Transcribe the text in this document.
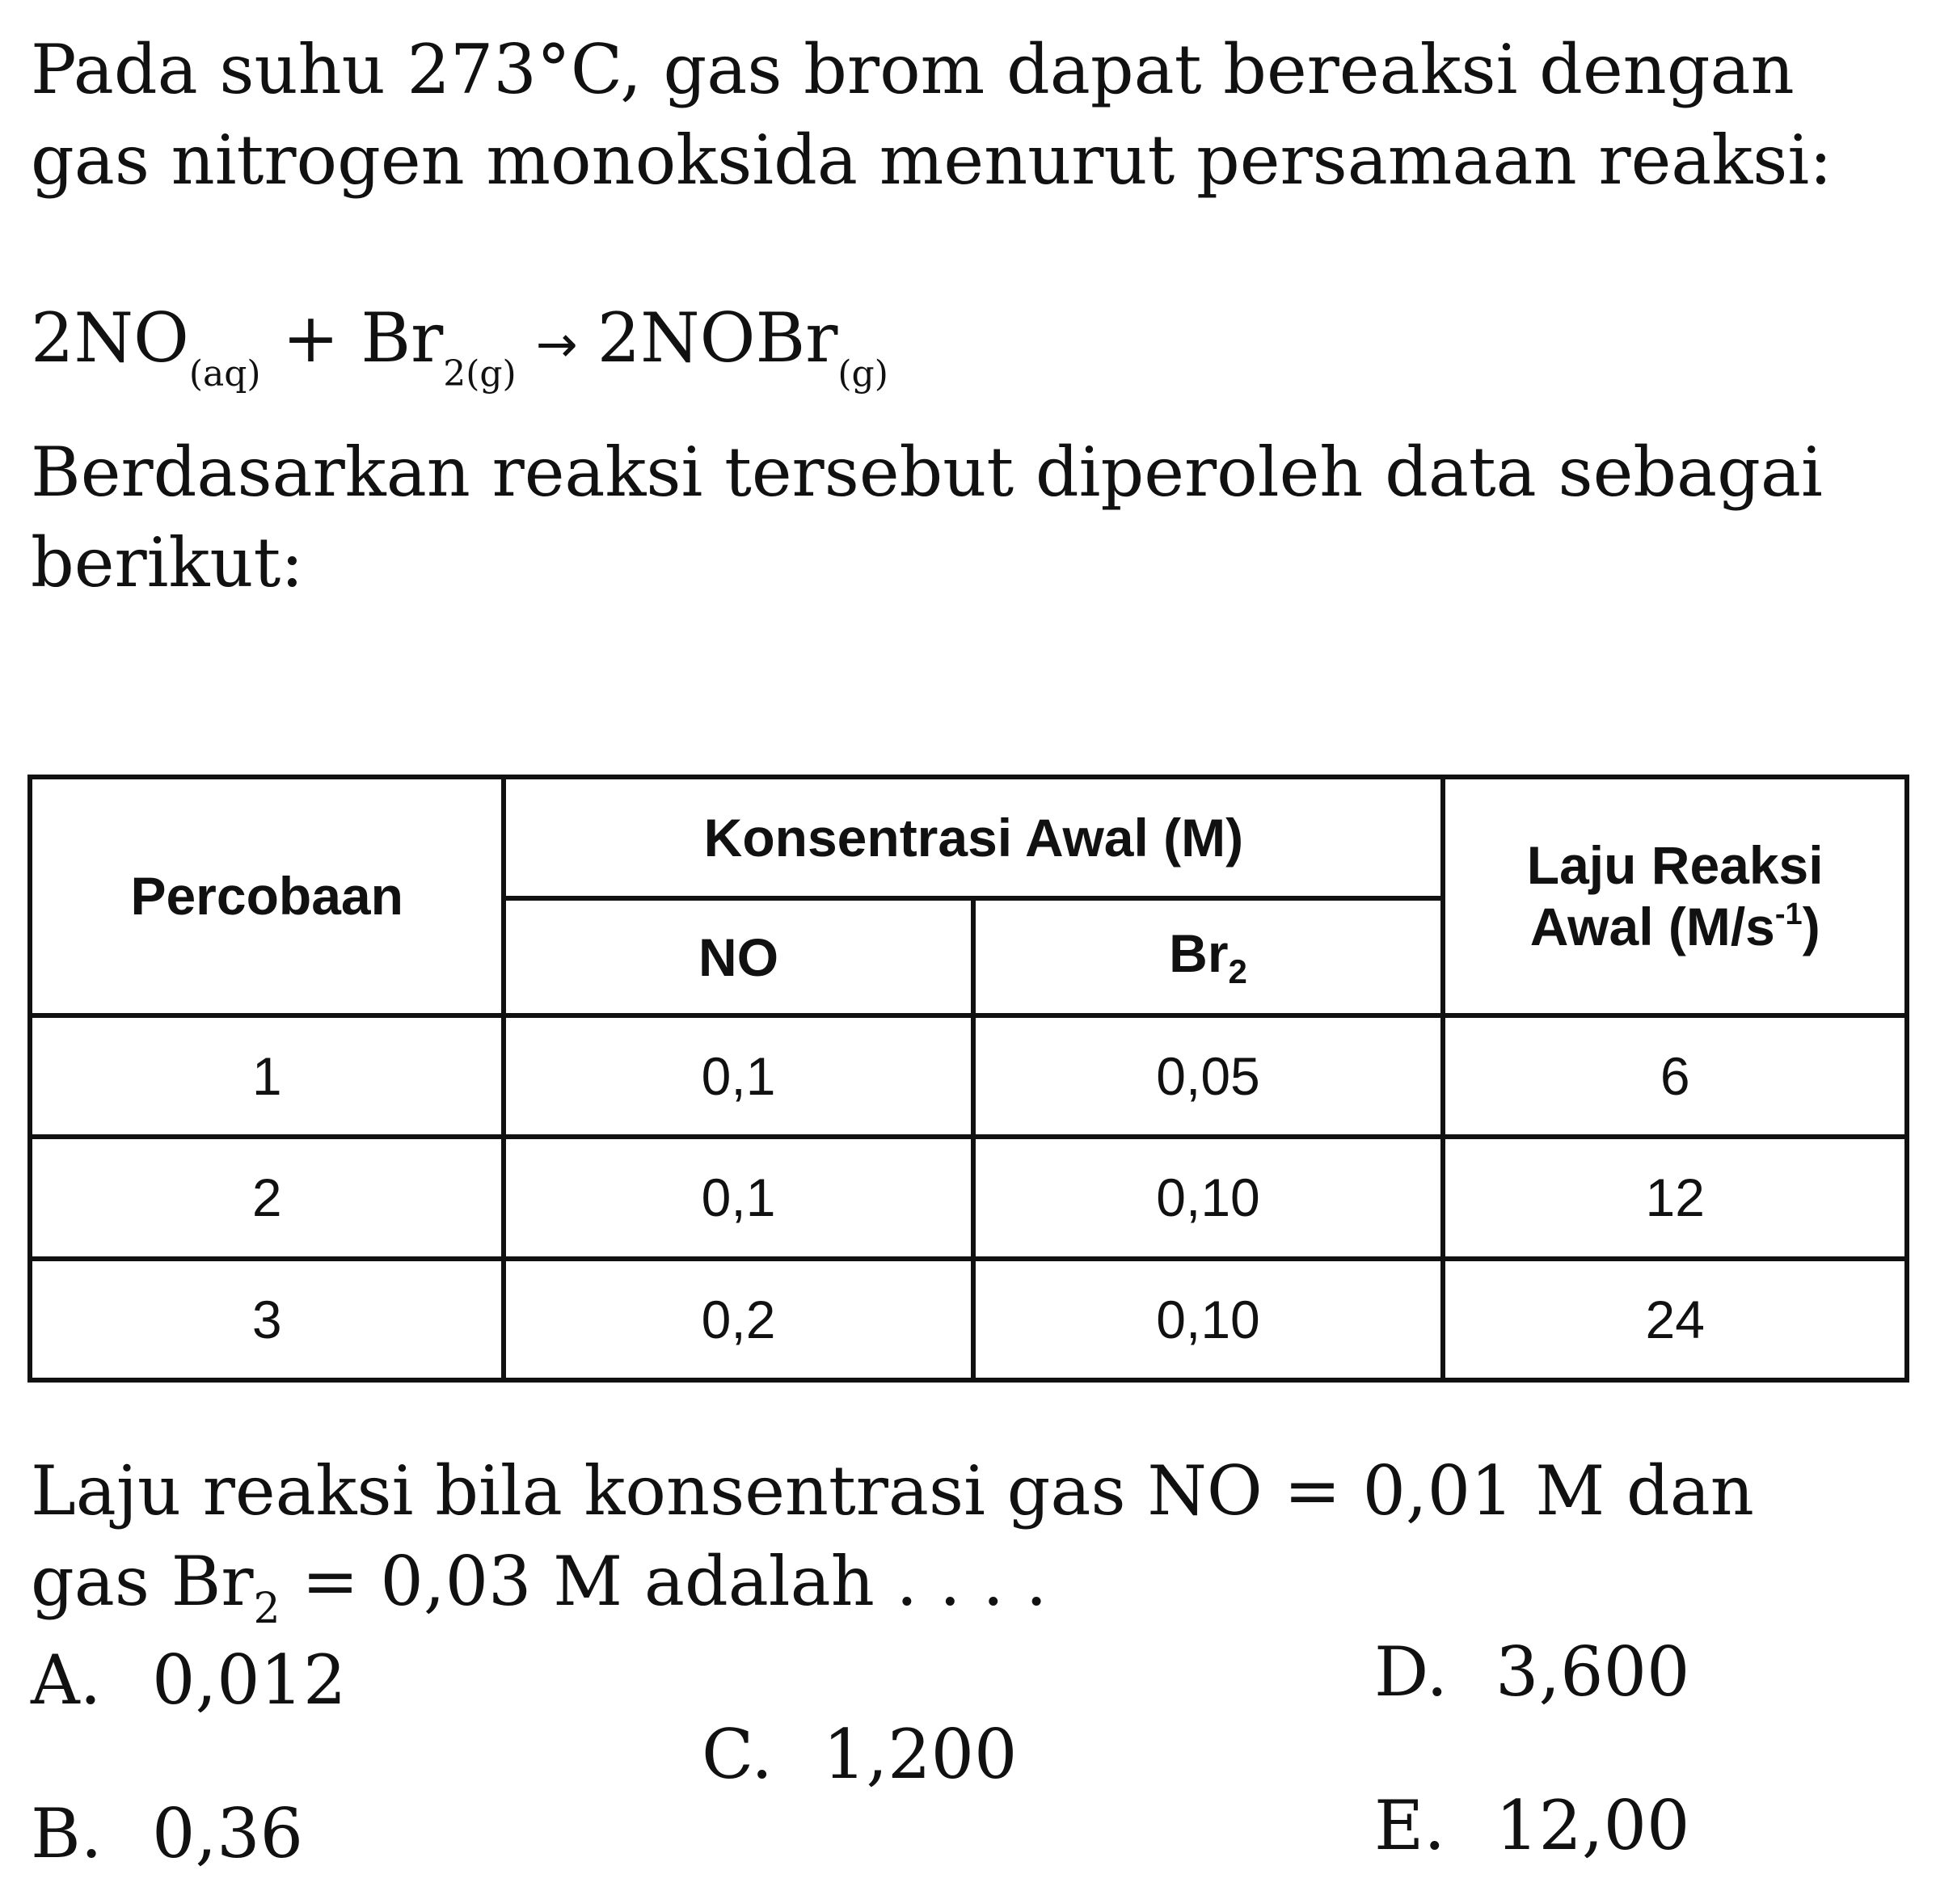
Pada suhu 273°C, gas brom dapat bereaksi dengan gas nitrogen monoksida menurut persamaan reaksi:

$2NO_{(aq)} + Br_{2(g)}\to$ 2NOBr$_{(g)}$

Berdasarkan reaksi tersebut diperoleh data sebagai berikut:

Percobaan	Konsentrasi Awal (M)		Laju Reaksi
Awal $(M/s^{-1})$
	NO	$Br_2$
1	0,1	0,05	6
2	0,1	0,10	12
3	0,2	0,10	24

Laju reaksi bila konsentrasi gas NO = 0,01 M dan gas $Br_2 = 0,03$ M adalah . . . .

A. 0,012
B. 0,36
C. 1,200
D. 3,600
E. 12,00
